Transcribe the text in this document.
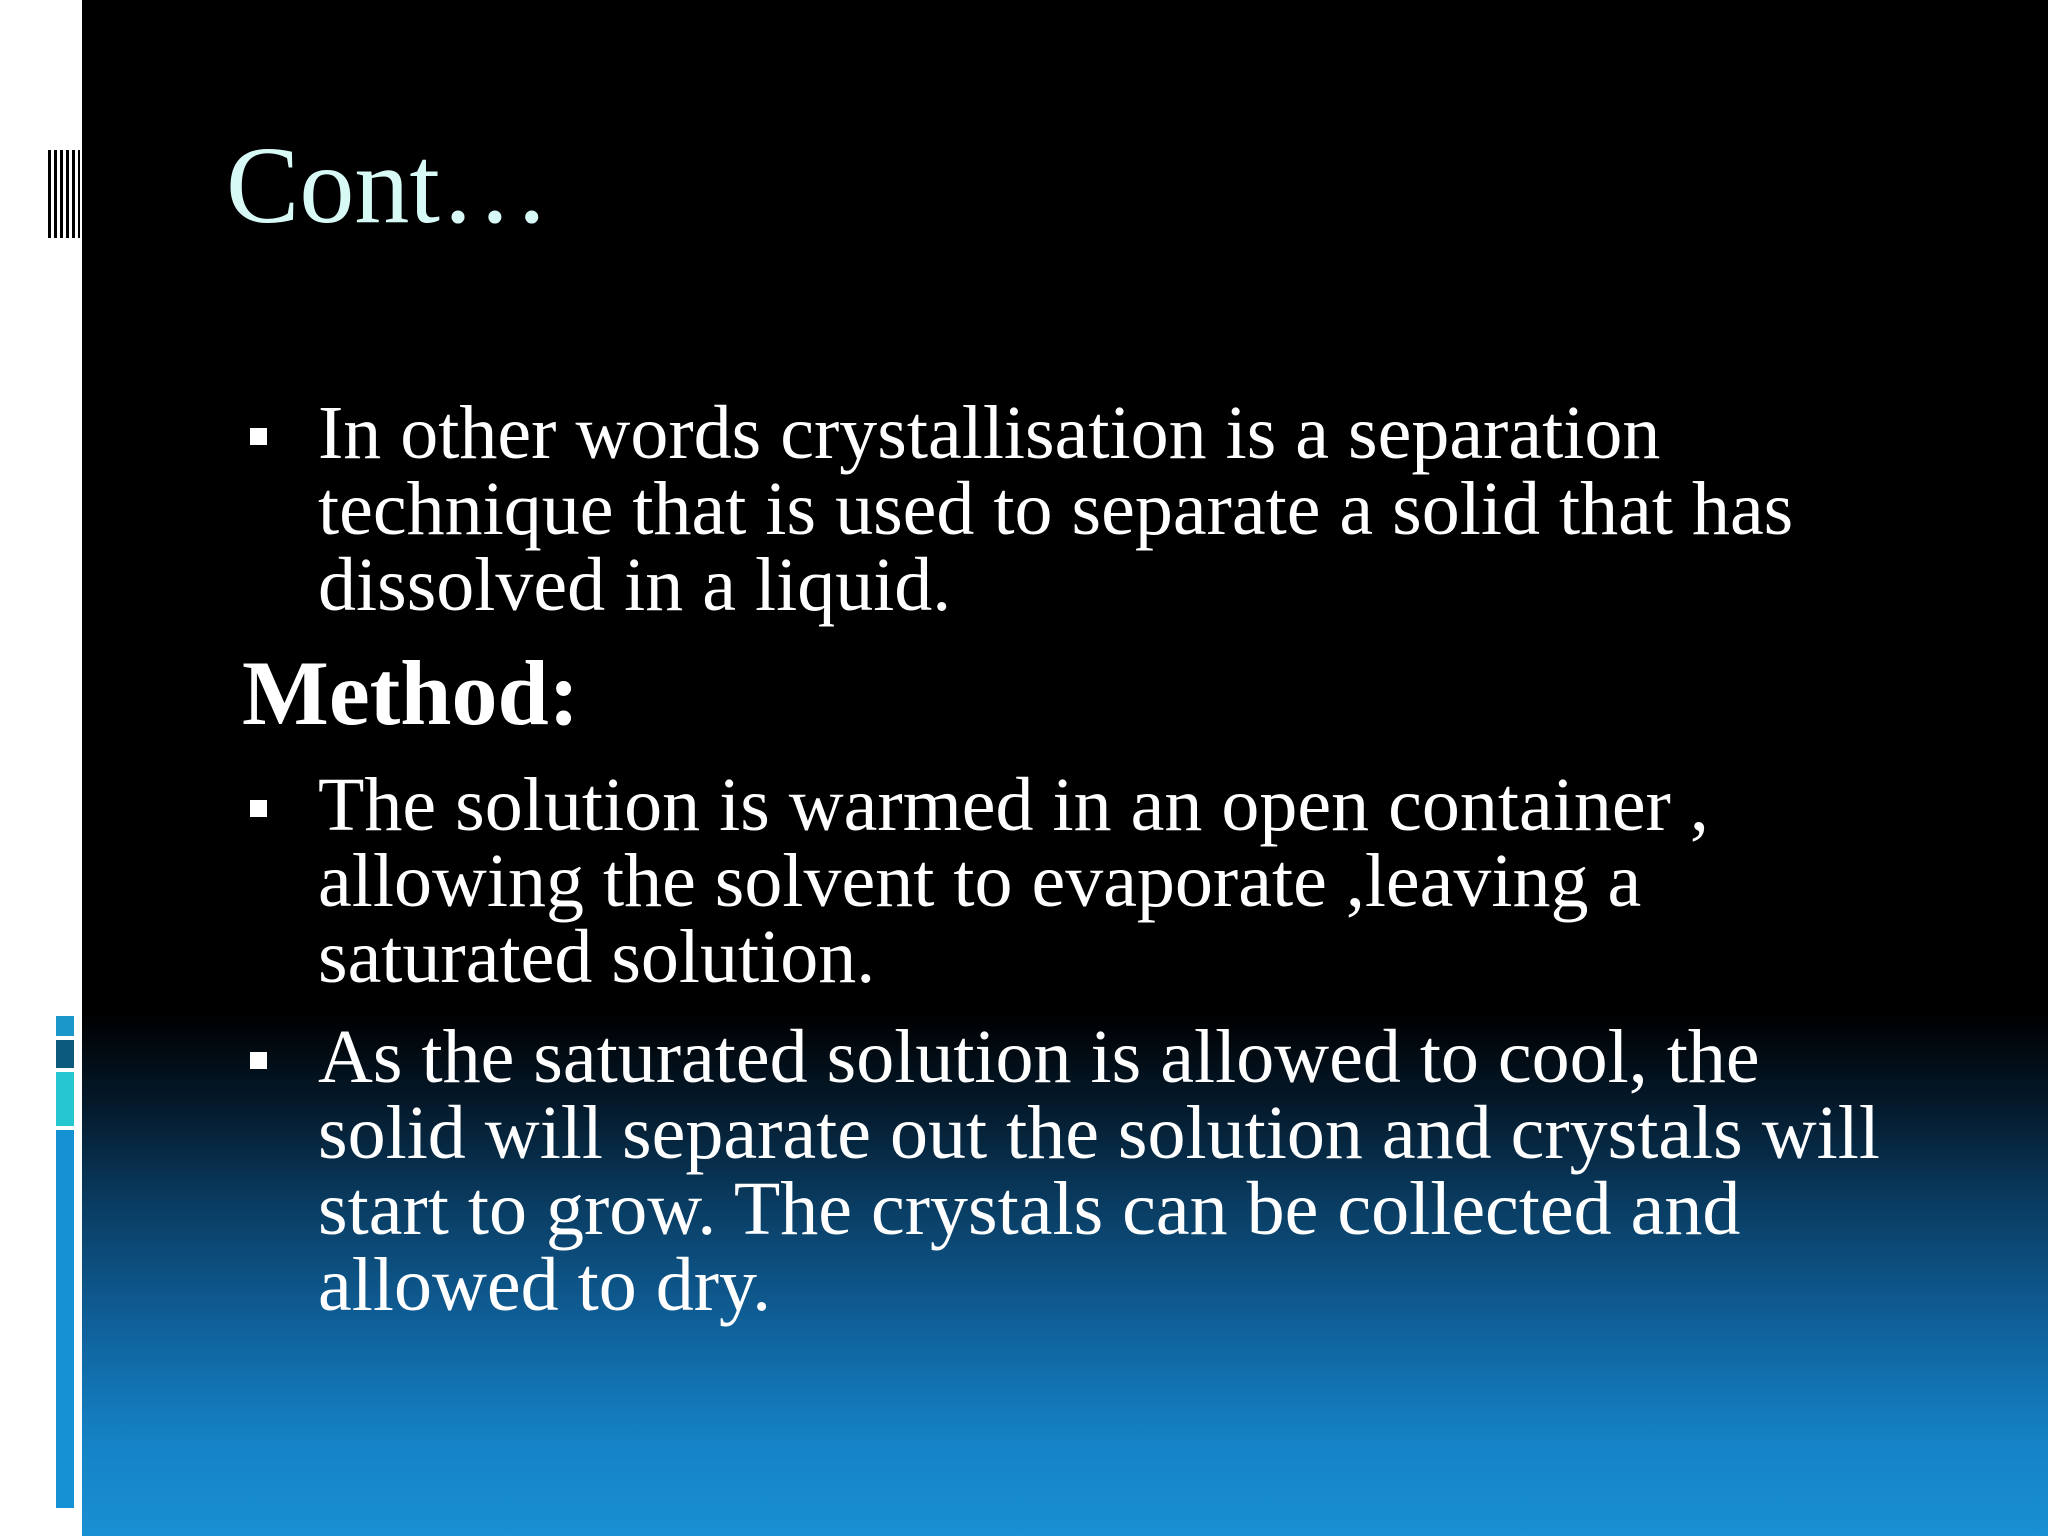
Cont…
In other words crystallisation is a separation technique that is used to separate a solid that has dissolved in a liquid.
Method:
The solution is warmed in an open container , allowing the solvent to evaporate ,leaving a saturated solution.
As the saturated solution is allowed to cool, the solid will separate out the solution and crystals will start to grow. The crystals can be collected and allowed to dry.
